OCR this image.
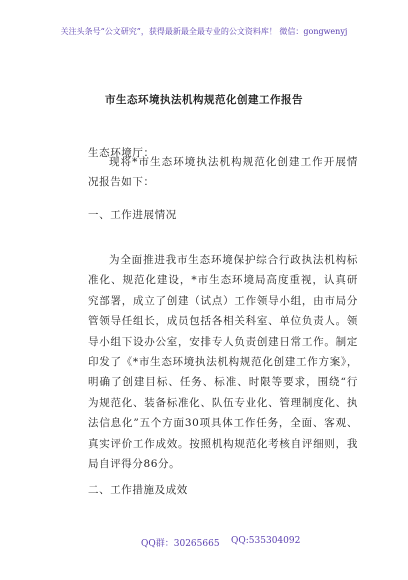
关注头条号“公文研究”，获得最新最全最专业的公文资料库！ 微信：gongwenyj
市生态环境执法机构规范化创建工作报告

生态环境厅：

现将*市生态环境执法机构规范化创建工作开展情况报告如下：

一、工作进展情况

为全面推进我市生态环境保护综合行政执法机构标准化、规范化建设，*市生态环境局高度重视，认真研究部署，成立了创建（试点）工作领导小组，由市局分管领导任组长，成员包括各相关科室、单位负责人。领导小组下设办公室，安排专人负责创建日常工作。制定印发了《*市生态环境执法机构规范化创建工作方案》，明确了创建目标、任务、标准、时限等要求，围绕“行为规范化、装备标准化、队伍专业化、管理制度化、执法信息化”五个方面30项具体工作任务，全面、客观、真实评价工作成效。按照机构规范化考核自评细则，我局自评得分86分。

二、工作措施及成效

QQ群：30265665 QQ:535304092
